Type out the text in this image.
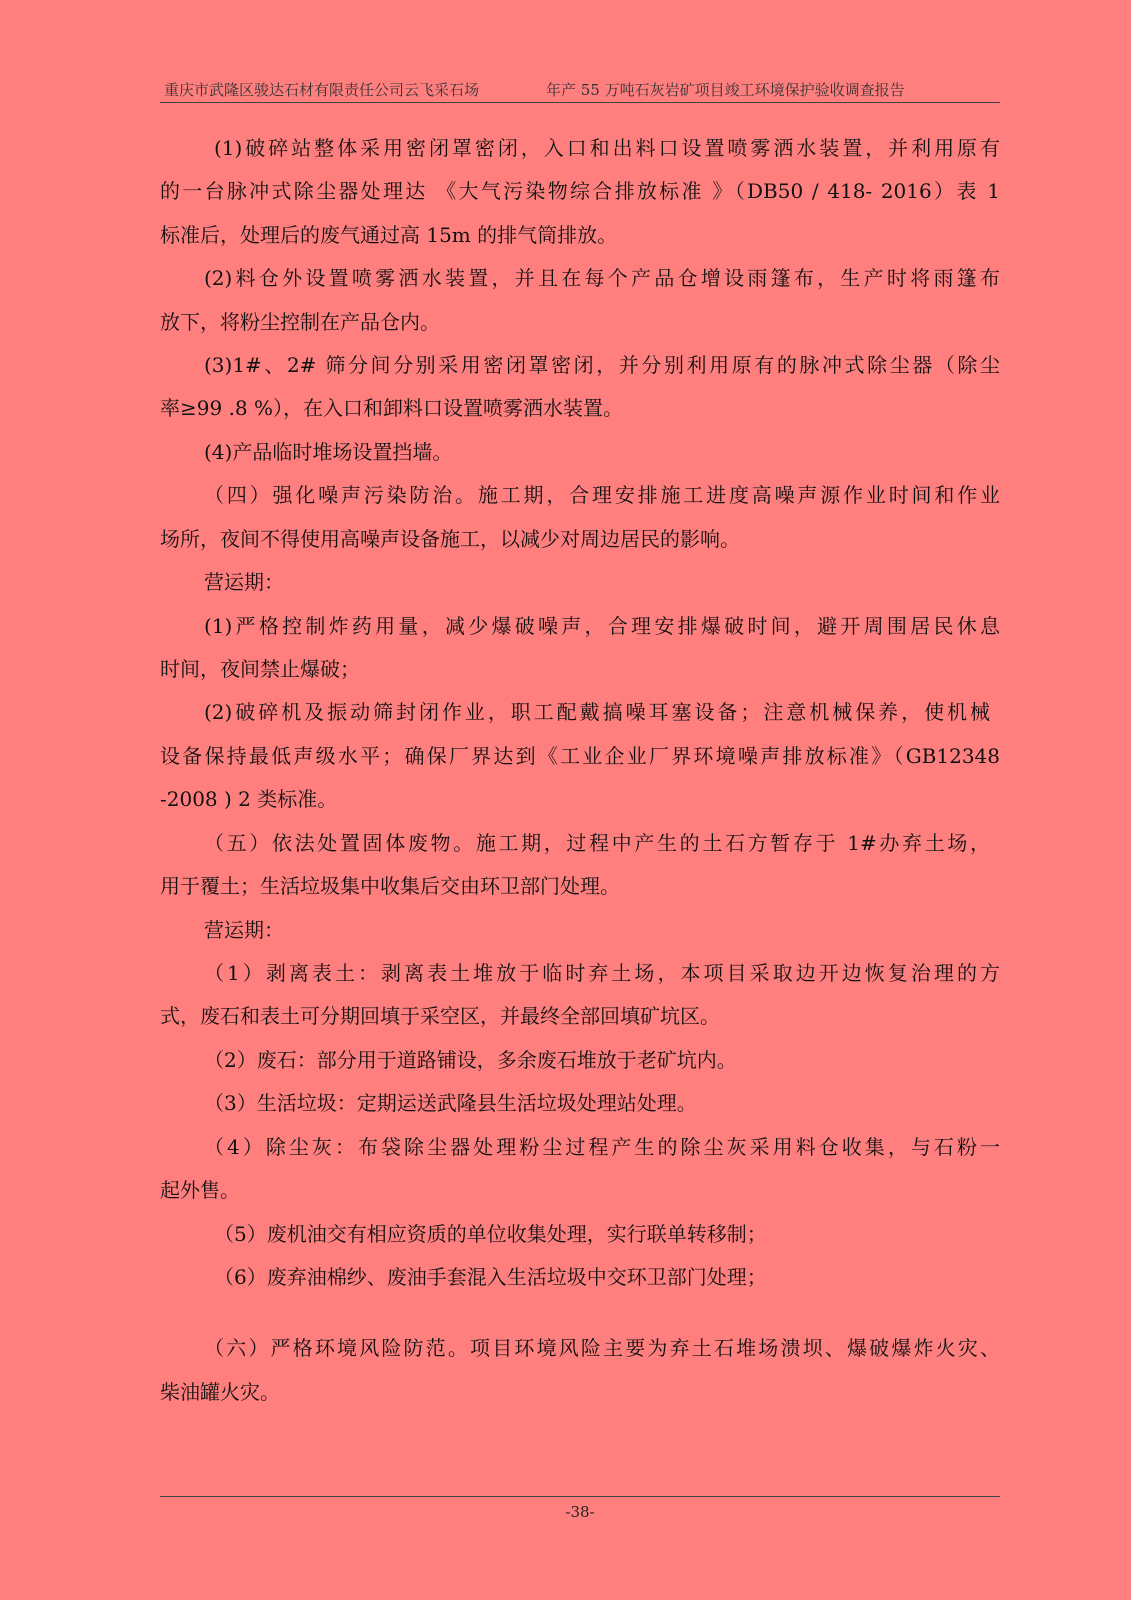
重庆市武隆区骏达石材有限责任公司云飞采石场	年产 55 万吨石灰岩矿项目竣工环境保护验收调查报告
(1)破碎站整体采用密闭罩密闭，入口和出料口设置喷雾洒水装置，并利用原有
的一台脉冲式除尘器处理达 《大气污染物综合排放标准 》（DB50 / 418- 2016）表 1
标准后，处理后的废气通过高 15m 的排气筒排放。
(2)料仓外设置喷雾洒水装置，并且在每个产品仓增设雨篷布，生产时将雨篷布
放下，将粉尘控制在产品仓内。
(3)1#、2# 筛分间分别采用密闭罩密闭，并分别利用原有的脉冲式除尘器（除尘
率≥99 .8 %），在入口和卸料口设置喷雾洒水装置。
(4)产品临时堆场设置挡墙。
（四）强化噪声污染防治。施工期，合理安排施工进度高噪声源作业时间和作业
场所，夜间不得使用高噪声设备施工，以减少对周边居民的影响。
营运期：
(1)严格控制炸药用量，减少爆破噪声，合理安排爆破时间，避开周围居民休息
时间，夜间禁止爆破；
(2)破碎机及振动筛封闭作业，职工配戴搞噪耳塞设备；注意机械保养，使机械
设备保持最低声级水平；确保厂界达到《工业企业厂界环境噪声排放标准》（GB12348
-2008 ) 2 类标准。
（五）依法处置固体废物。施工期，过程中产生的土石方暂存于 1#办弃土场，
用于覆土；生活垃圾集中收集后交由环卫部门处理。
营运期：
（1）剥离表土：剥离表土堆放于临时弃土场，本项目采取边开边恢复治理的方
式，废石和表土可分期回填于采空区，并最终全部回填矿坑区。
（2）废石：部分用于道路铺设，多余废石堆放于老矿坑内。
（3）生活垃圾：定期运送武隆县生活垃圾处理站处理。
（4）除尘灰：布袋除尘器处理粉尘过程产生的除尘灰采用料仓收集，与石粉一
起外售。
（5）废机油交有相应资质的单位收集处理，实行联单转移制；
（6）废弃油棉纱、废油手套混入生活垃圾中交环卫部门处理；
（六）严格环境风险防范。项目环境风险主要为弃土石堆场溃坝、爆破爆炸火灾、
柴油罐火灾。
-38-
